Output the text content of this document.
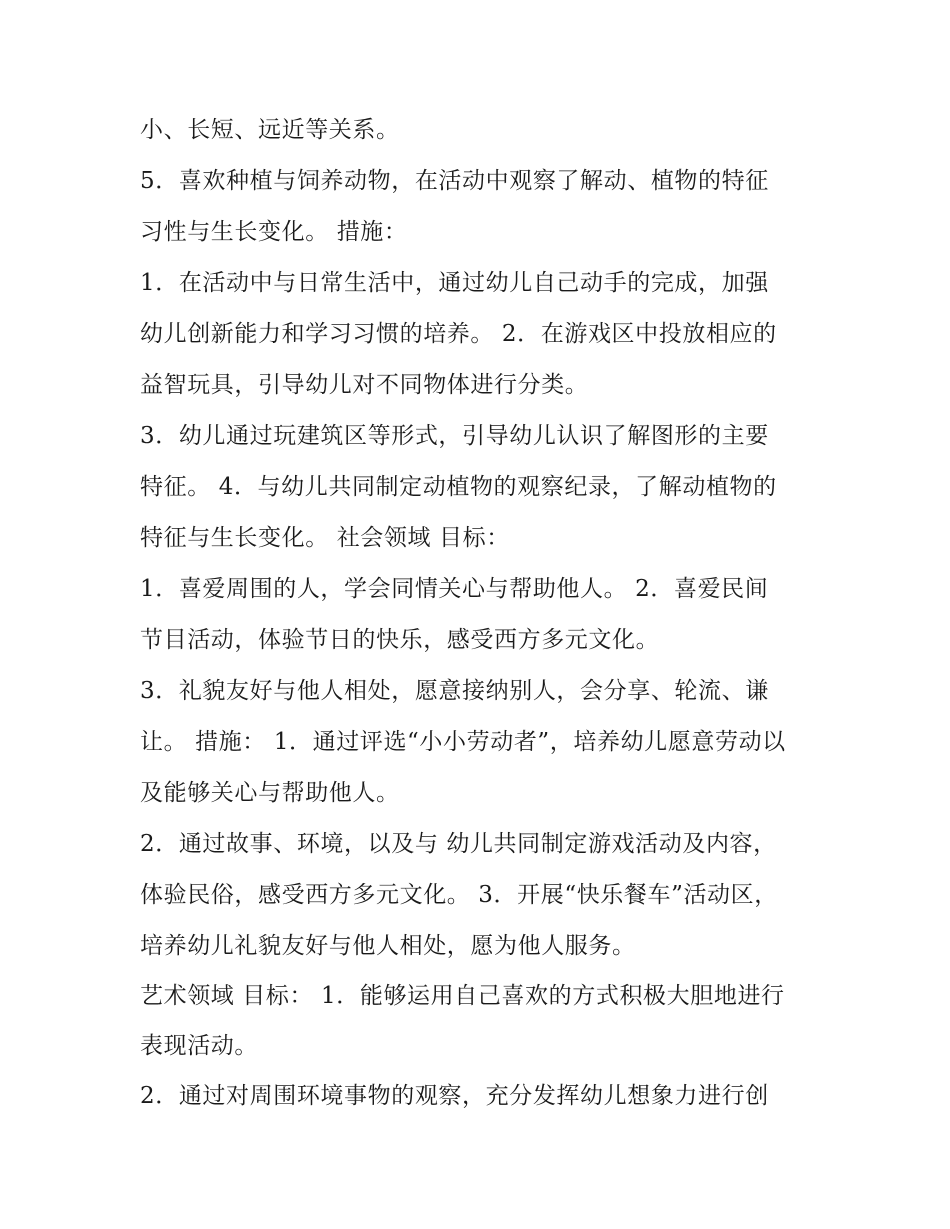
小、长短、远近等关系。
5．喜欢种植与饲养动物，在活动中观察了解动、植物的特征
习性与生长变化。 措施：
1．在活动中与日常生活中，通过幼儿自己动手的完成，加强
幼儿创新能力和学习习惯的培养。 2．在游戏区中投放相应的
益智玩具，引导幼儿对不同物体进行分类。
3．幼儿通过玩建筑区等形式，引导幼儿认识了解图形的主要
特征。 4．与幼儿共同制定动植物的观察纪录，了解动植物的
特征与生长变化。 社会领域 目标：
1．喜爱周围的人，学会同情关心与帮助他人。 2．喜爱民间
节目活动，体验节日的快乐，感受西方多元文化。
3．礼貌友好与他人相处，愿意接纳别人，会分享、轮流、谦
让。 措施： 1．通过评选“小小劳动者”，培养幼儿愿意劳动以
及能够关心与帮助他人。
2．通过故事、环境，以及与 幼儿共同制定游戏活动及内容，
体验民俗，感受西方多元文化。 3．开展“快乐餐车”活动区，
培养幼儿礼貌友好与他人相处，愿为他人服务。
艺术领域 目标： 1．能够运用自己喜欢的方式积极大胆地进行
表现活动。
2．通过对周围环境事物的观察，充分发挥幼儿想象力进行创
